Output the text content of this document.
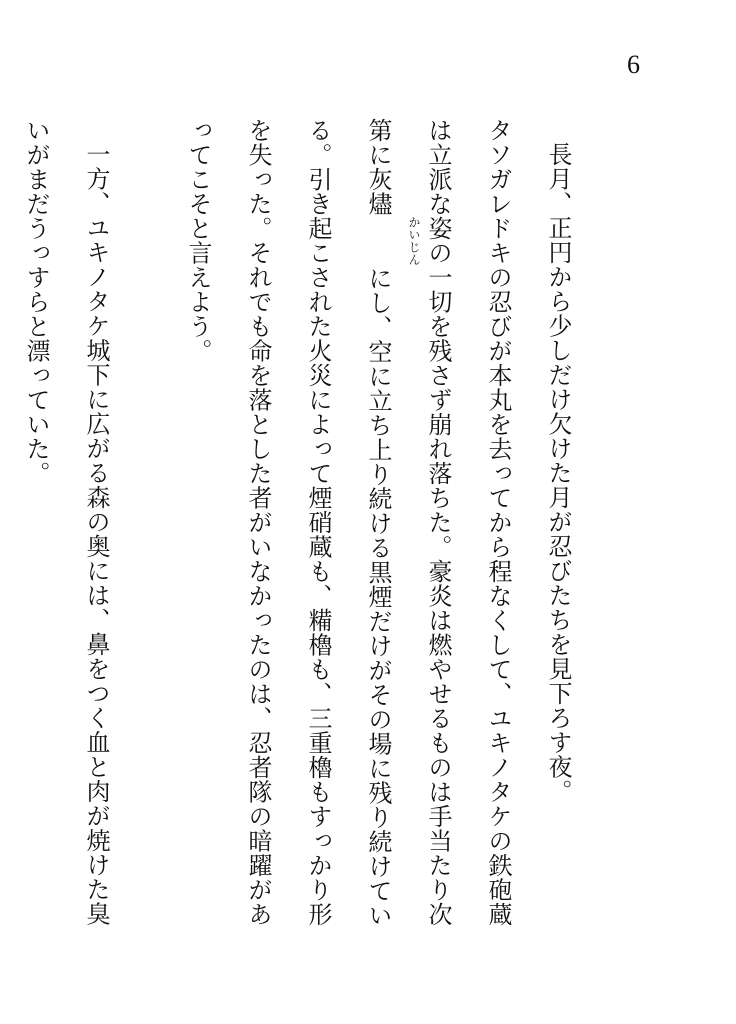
6

長月、正円から少しだけ欠けた月が忍びたちを見下ろす夜。

タソガレドキの忍びが本丸を去ってから程なくして、ユキノタケの鉄砲蔵は立派な姿の一切を残さず崩れ落ちた。豪炎は燃やせるものは手当たり次第に灰燼かいじんにし、空に立ち上り続ける黒煙だけがその場に残り続けている。引き起こされた火災によって煙硝蔵も、糒櫓も、三重櫓もすっかり形を失った。それでも命を落とした者がいなかったのは、忍者隊の暗躍があってこそと言えよう。

一方、ユキノタケ城下に広がる森の奥には、鼻をつく血と肉が焼けた臭いがまだうっすらと漂っていた。
